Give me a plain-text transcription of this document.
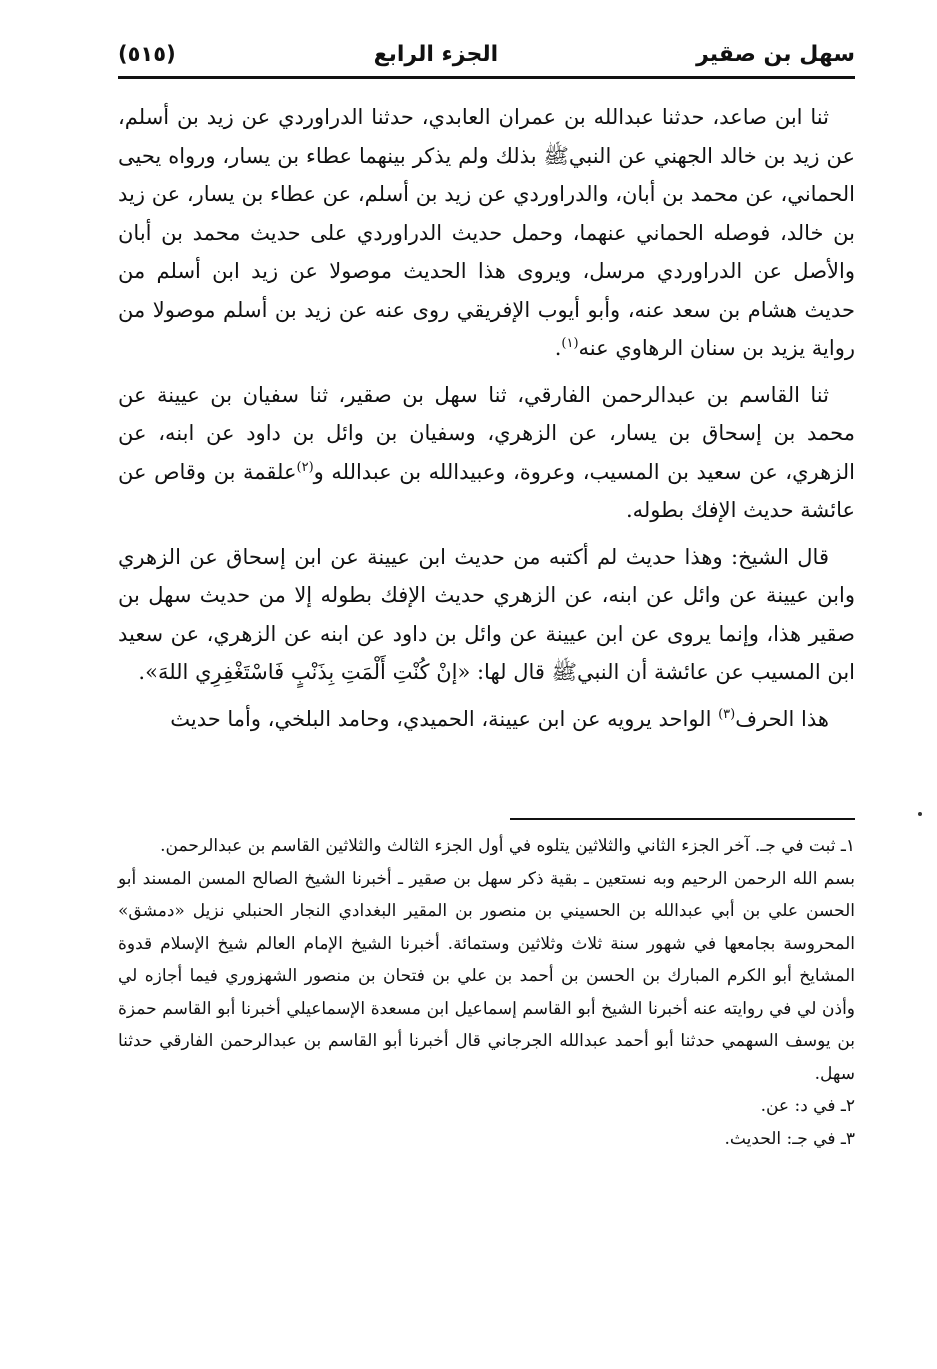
سهل بن صقير
الجزء الرابع
(٥١٥)

ثنا ابن صاعد، حدثنا عبدالله بن عمران العابدي، حدثنا الدراوردي عن زيد بن أسلم، عن زيد بن خالد الجهني عن النبيﷺ بذلك ولم يذكر بينهما عطاء بن يسار، ورواه يحيى الحماني، عن محمد بن أبان، والدراوردي عن زيد بن أسلم، عن عطاء بن يسار، عن زيد بن خالد، فوصله الحماني عنهما، وحمل حديث الدراوردي على حديث محمد بن أبان والأصل عن الدراوردي مرسل، ويروى هذا الحديث موصولا عن زيد ابن أسلم من حديث هشام بن سعد عنه، وأبو أيوب الإفريقي روى عنه عن زيد بن أسلم موصولا من رواية يزيد بن سنان الرهاوي عنه$^{(١)}$.

ثنا القاسم بن عبدالرحمن الفارقي، ثنا سهل بن صقير، ثنا سفيان بن عيينة عن محمد بن إسحاق بن يسار، عن الزهري، وسفيان بن وائل بن داود عن ابنه، عن الزهري، عن سعيد بن المسيب، وعروة، وعبيدالله بن عبدالله و$^{(٢)}$علقمة بن وقاص عن عائشة حديث الإفك بطوله.

قال الشيخ: وهذا حديث لم أكتبه من حديث ابن عيينة عن ابن إسحاق عن الزهري وابن عيينة عن وائل عن ابنه، عن الزهري حديث الإفك بطوله إلا من حديث سهل بن صقير هذا، وإنما يروى عن ابن عيينة عن وائل بن داود عن ابنه عن الزهري، عن سعيد ابن المسيب عن عائشة أن النبيﷺ قال لها: «إنْ كُنْتِ أَلْمَتِ بِذَنْبٍ فَاسْتَغْفِرِي اللهَ».

هذا الحرف$^{(٣)}$ الواحد يرويه عن ابن عيينة، الحميدي، وحامد البلخي، وأما حديث

١ـ ثبت في جـ. آخر الجزء الثاني والثلاثين يتلوه في أول الجزء الثالث والثلاثين القاسم بن عبدالرحمن.

بسم الله الرحمن الرحيم وبه نستعين ـ بقية ذكر سهل بن صقير ـ أخبرنا الشيخ الصالح المسن المسند أبو الحسن علي بن أبي عبدالله بن الحسيني بن منصور بن المقير البغدادي النجار الحنبلي نزيل «دمشق» المحروسة بجامعها في شهور سنة ثلاث وثلاثين وستمائة. أخبرنا الشيخ الإمام العالم شيخ الإسلام قدوة المشايخ أبو الكرم المبارك بن الحسن بن أحمد بن علي بن فتحان بن منصور الشهزوري فيما أجازه لي وأذن لي في روايته عنه أخبرنا الشيخ أبو القاسم إسماعيل ابن مسعدة الإسماعيلي أخبرنا أبو القاسم حمزة بن يوسف السهمي حدثنا أبو أحمد عبدالله الجرجاني قال أخبرنا أبو القاسم بن عبدالرحمن الفارقي حدثنا سهل.

٢ـ في د: عن.

٣ـ في جـ: الحديث.
